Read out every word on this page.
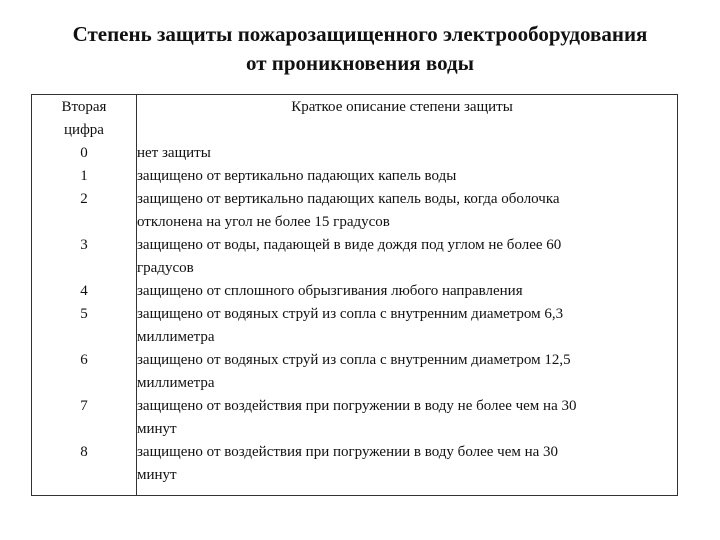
Степень защиты пожарозащищенного электрооборудования
от проникновения воды
Вторая
цифра	Краткое описание степени защиты
0	нет защиты

1	защищено от вертикально падающих капель воды

2	защищено от вертикально падающих капель воды, когда оболочка
отклонена на угол не более 15 градусов

3	защищено от воды, падающей в виде дождя под углом не более 60
градусов

4	защищено от сплошного обрызгивания любого направления

5	защищено от водяных струй из сопла с внутренним диаметром 6,3
миллиметра

6	защищено от водяных струй из сопла с внутренним диаметром 12,5
миллиметра

7	защищено от воздействия при погружении в воду не более чем на 30
минут

8	защищено от воздействия при погружении в воду более чем на 30
минут
